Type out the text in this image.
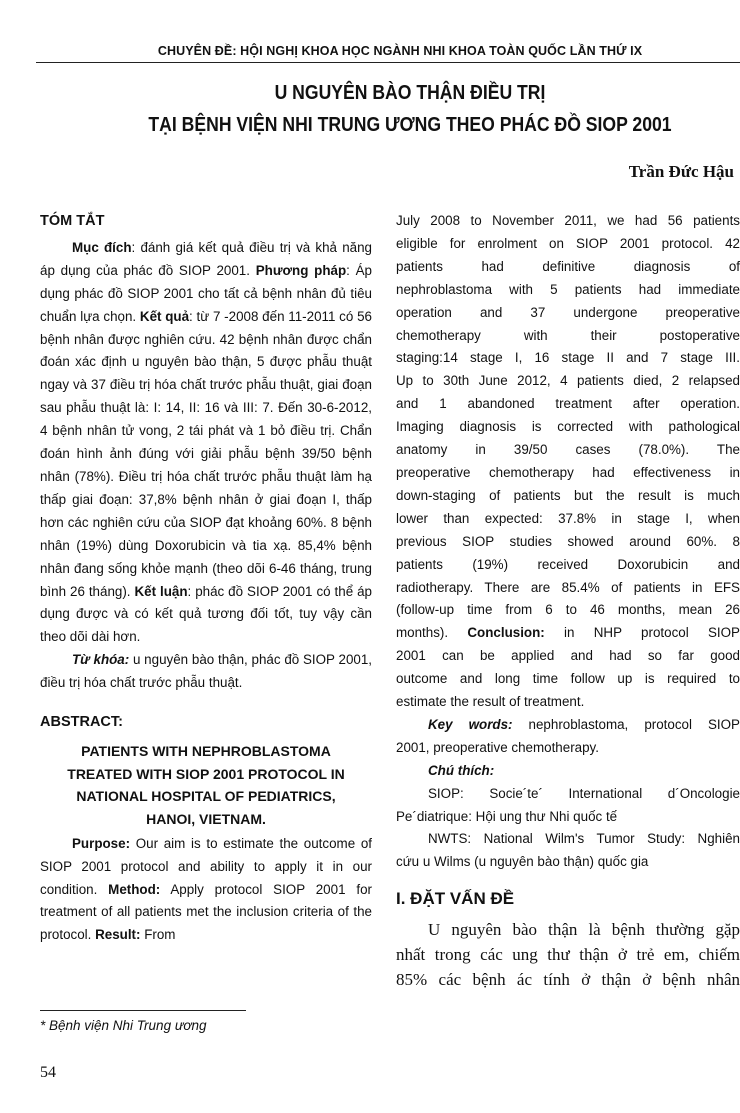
CHUYÊN ĐỀ: HỘI NGHỊ KHOA HỌC NGÀNH NHI KHOA TOÀN QUỐC LẦN THỨ IX
U NGUYÊN BÀO THẬN ĐIỀU TRỊ
TẠI BỆNH VIỆN NHI TRUNG ƯƠNG THEO PHÁC ĐỒ SIOP 2001
Trần Đức Hậu
TÓM TẮT

Mục đích: đánh giá kết quả điều trị và khả năng áp dụng của phác đồ SIOP 2001. Phương pháp: Áp dụng phác đồ SIOP 2001 cho tất cả bệnh nhân đủ tiêu chuẩn lựa chọn. Kết quả: từ 7 -2008 đến 11-2011 có 56 bệnh nhân được nghiên cứu. 42 bệnh nhân được chẩn đoán xác định u nguyên bào thận, 5 được phẫu thuật ngay và 37 điều trị hóa chất trước phẫu thuật, giai đoạn sau phẫu thuật là: I: 14, II: 16 và III: 7. Đến 30-6-2012, 4 bệnh nhân tử vong, 2 tái phát và 1 bỏ điều trị. Chẩn đoán hình ảnh đúng với giải phẫu bệnh 39/50 bệnh nhân (78%). Điều trị hóa chất trước phẫu thuật làm hạ thấp giai đoạn: 37,8% bệnh nhân ở giai đoạn I, thấp hơn các nghiên cứu của SIOP đạt khoảng 60%. 8 bệnh nhân (19%) dùng Doxorubicin và tia xạ. 85,4% bệnh nhân đang sống khỏe mạnh (theo dõi 6-46 tháng, trung bình 26 tháng). Kết luận: phác đồ SIOP 2001 có thể áp dụng được và có kết quả tương đối tốt, tuy vậy cần theo dõi dài hơn.

Từ khóa: u nguyên bào thận, phác đồ SIOP 2001, điều trị hóa chất trước phẫu thuật.

ABSTRACT:
PATIENTS WITH NEPHROBLASTOMA
TREATED WITH SIOP 2001 PROTOCOL IN
NATIONAL HOSPITAL OF PEDIATRICS,
HANOI, VIETNAM.

Purpose: Our aim is to estimate the outcome of SIOP 2001 protocol and ability to apply it in our condition. Method: Apply protocol SIOP 2001 for treatment of all patients met the inclusion criteria of the protocol. Result: From

July 2008 to November 2011, we had 56 patients
eligible for enrolment on SIOP 2001 protocol. 42
patients had definitive diagnosis of
nephroblastoma with 5 patients had immediate
operation and 37 undergone preoperative
chemotherapy with their postoperative
staging:14 stage I, 16 stage II and 7 stage III.
Up to 30th June 2012, 4 patients died, 2 relapsed
and 1 abandoned treatment after operation.
Imaging diagnosis is corrected with pathological
anatomy in 39/50 cases (78.0%). The
preoperative chemotherapy had effectiveness in
down-staging of patients but the result is much
lower than expected: 37.8% in stage I, when
previous SIOP studies showed around 60%. 8
patients (19%) received Doxorubicin and
radiotherapy. There are 85.4% of patients in EFS
(follow-up time from 6 to 46 months, mean 26
months). Conclusion: in NHP protocol SIOP
2001 can be applied and had so far good
outcome and long time follow up is required to
estimate the result of treatment.
Key words: nephroblastoma, protocol SIOP
2001, preoperative chemotherapy.
Chú thích:
SIOP: Socie´te´ International d´Oncologie
Pe´diatrique: Hội ung thư Nhi quốc tế
NWTS: National Wilm's Tumor Study: Nghiên
cứu u Wilms (u nguyên bào thận) quốc gia
I. ĐẶT VẤN ĐỀ
U nguyên bào thận là bệnh thường gặp
nhất trong các ung thư thận ở trẻ em, chiếm
85% các bệnh ác tính ở thận ở bệnh nhân
* Bệnh viện Nhi Trung ương
54
